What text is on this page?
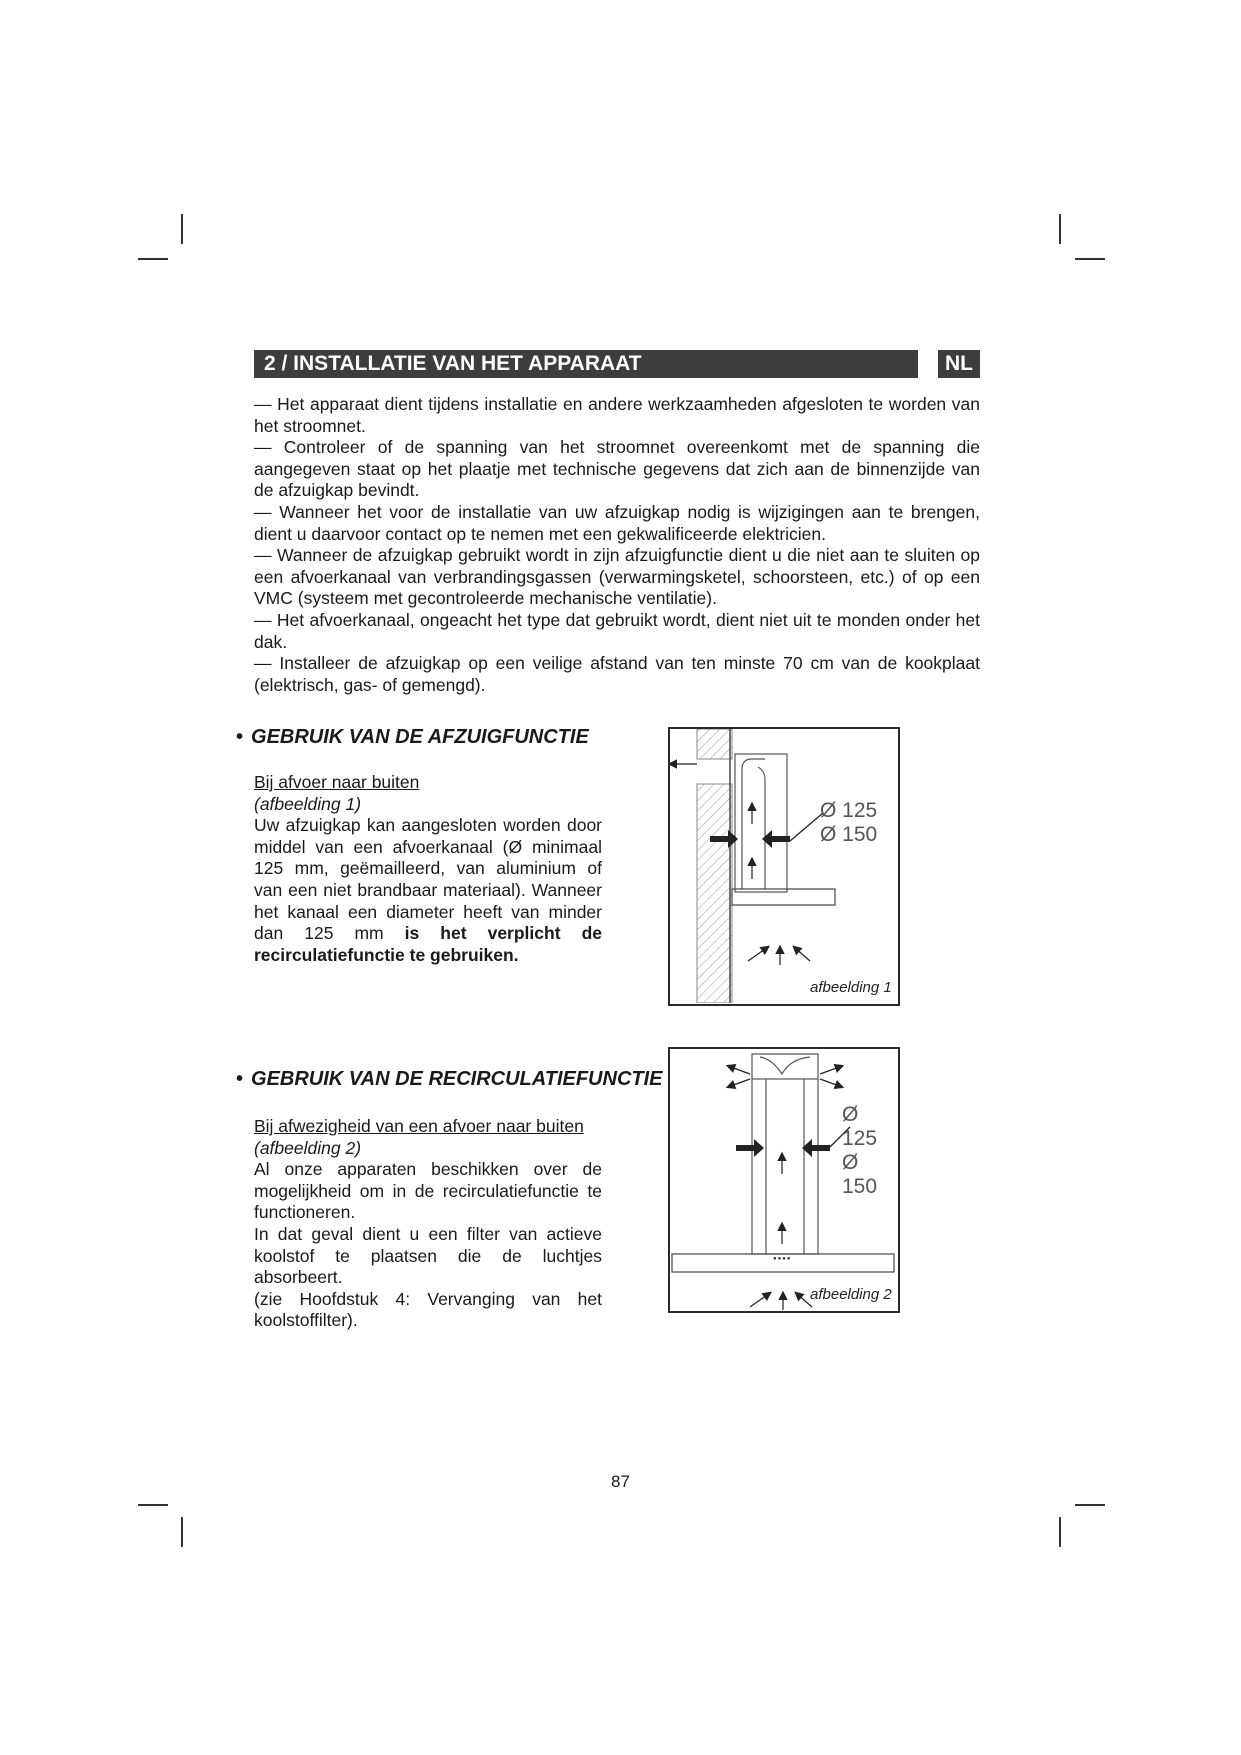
2 / INSTALLATIE VAN HET APPARAAT	NL

— Het apparaat dient tijdens installatie en andere werkzaamheden afgesloten te worden van het stroomnet.

— Controleer of de spanning van het stroomnet overeenkomt met de spanning die aangegeven staat op het plaatje met technische gegevens dat zich aan de binnenzijde van de afzuigkap bevindt.

— Wanneer het voor de installatie van uw afzuigkap nodig is wijzigingen aan te brengen, dient u daarvoor contact op te nemen met een gekwalificeerde elektricien.

— Wanneer de afzuigkap gebruikt wordt in zijn afzuigfunctie dient u die niet aan te sluiten op een afvoerkanaal van verbrandingsgassen (verwarmingsketel, schoorsteen, etc.) of op een VMC (systeem met gecontroleerde mechanische ventilatie).

— Het afvoerkanaal, ongeacht het type dat gebruikt wordt, dient niet uit te monden onder het dak.

— Installeer de afzuigkap op een veilige afstand van ten minste 70 cm van de kookplaat (elektrisch, gas- of gemengd).

• GEBRUIK VAN DE AFZUIGFUNCTIE

Bij afvoer naar buiten

(afbeelding 1)

Uw afzuigkap kan aangesloten worden door middel van een afvoerkanaal (Ø minimaal 125 mm, geëmailleerd, van aluminium of van een niet brandbaar materiaal). Wanneer het kanaal een diameter heeft van minder dan 125 mm is het verplicht de recirculatiefunctie te gebruiken.

Ø 125
Ø 150
afbeelding 1
• GEBRUIK VAN DE RECIRCULATIEFUNCTIE

Bij afwezigheid van een afvoer naar buiten

(afbeelding 2)

Al onze apparaten beschikken over de mogelijkheid om in de recirculatiefunctie te functioneren.

In dat geval dient u een filter van actieve koolstof te plaatsen die de luchtjes absorbeert.

(zie Hoofdstuk 4: Vervanging van het koolstoffilter).

●●●●
Ø 125
Ø 150
afbeelding 2
87
